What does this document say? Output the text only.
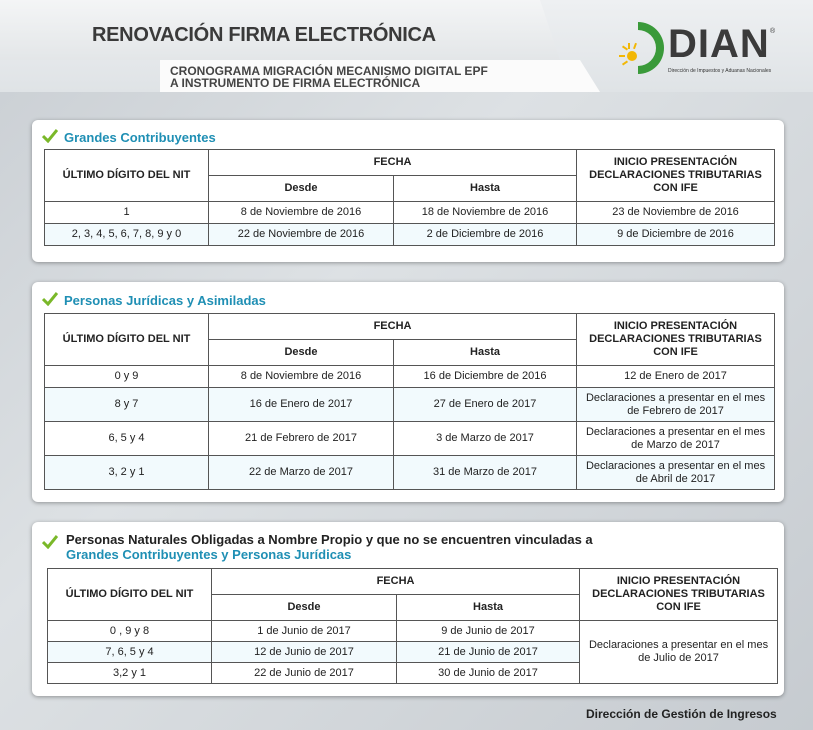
RENOVACIÓN FIRMA ELECTRÓNICA
CRONOGRAMA MIGRACIÓN MECANISMO DIGITAL EPF
A INSTRUMENTO DE FIRMA ELECTRÓNICA
DIAN ®
Dirección de Impuestos y Aduanas Nacionales
Grandes Contribuyentes
ÚLTIMO DÍGITO DEL NIT	FECHA		INICIO PRESENTACIÓN DECLARACIONES TRIBUTARIAS CON IFE
	Desde	Hasta	
1	8 de Noviembre de 2016	18 de Noviembre de 2016	23 de Noviembre de 2016
2, 3, 4, 5, 6, 7, 8, 9 y 0	22 de Noviembre de 2016	2 de Diciembre de 2016	9 de Diciembre de 2016
Personas Jurídicas y Asimiladas
ÚLTIMO DÍGITO DEL NIT	FECHA		INICIO PRESENTACIÓN DECLARACIONES TRIBUTARIAS CON IFE
	Desde	Hasta	
0 y 9	8 de Noviembre de 2016	16 de Diciembre de 2016	12 de Enero de 2017
8 y 7	16 de Enero de 2017	27 de Enero de 2017	Declaraciones a presentar en el mes de Febrero de 2017
6, 5 y 4	21 de Febrero de 2017	3 de Marzo de 2017	Declaraciones a presentar en el mes de Marzo de 2017
3, 2 y 1	22 de Marzo de 2017	31 de Marzo de 2017	Declaraciones a presentar en el mes de Abril de 2017
Personas Naturales Obligadas a Nombre Propio y que no se encuentren vinculadas a
Grandes Contribuyentes y Personas Jurídicas
ÚLTIMO DÍGITO DEL NIT	FECHA		INICIO PRESENTACIÓN DECLARACIONES TRIBUTARIAS CON IFE
	Desde	Hasta	
0 , 9 y 8	1 de Junio de 2017	9 de Junio de 2017	Declaraciones a presentar en el mes de Julio de 2017
7, 6, 5 y 4	12 de Junio de 2017	21 de Junio de 2017	
3,2 y 1	22 de Junio de 2017	30 de Junio de 2017	
Dirección de Gestión de Ingresos
